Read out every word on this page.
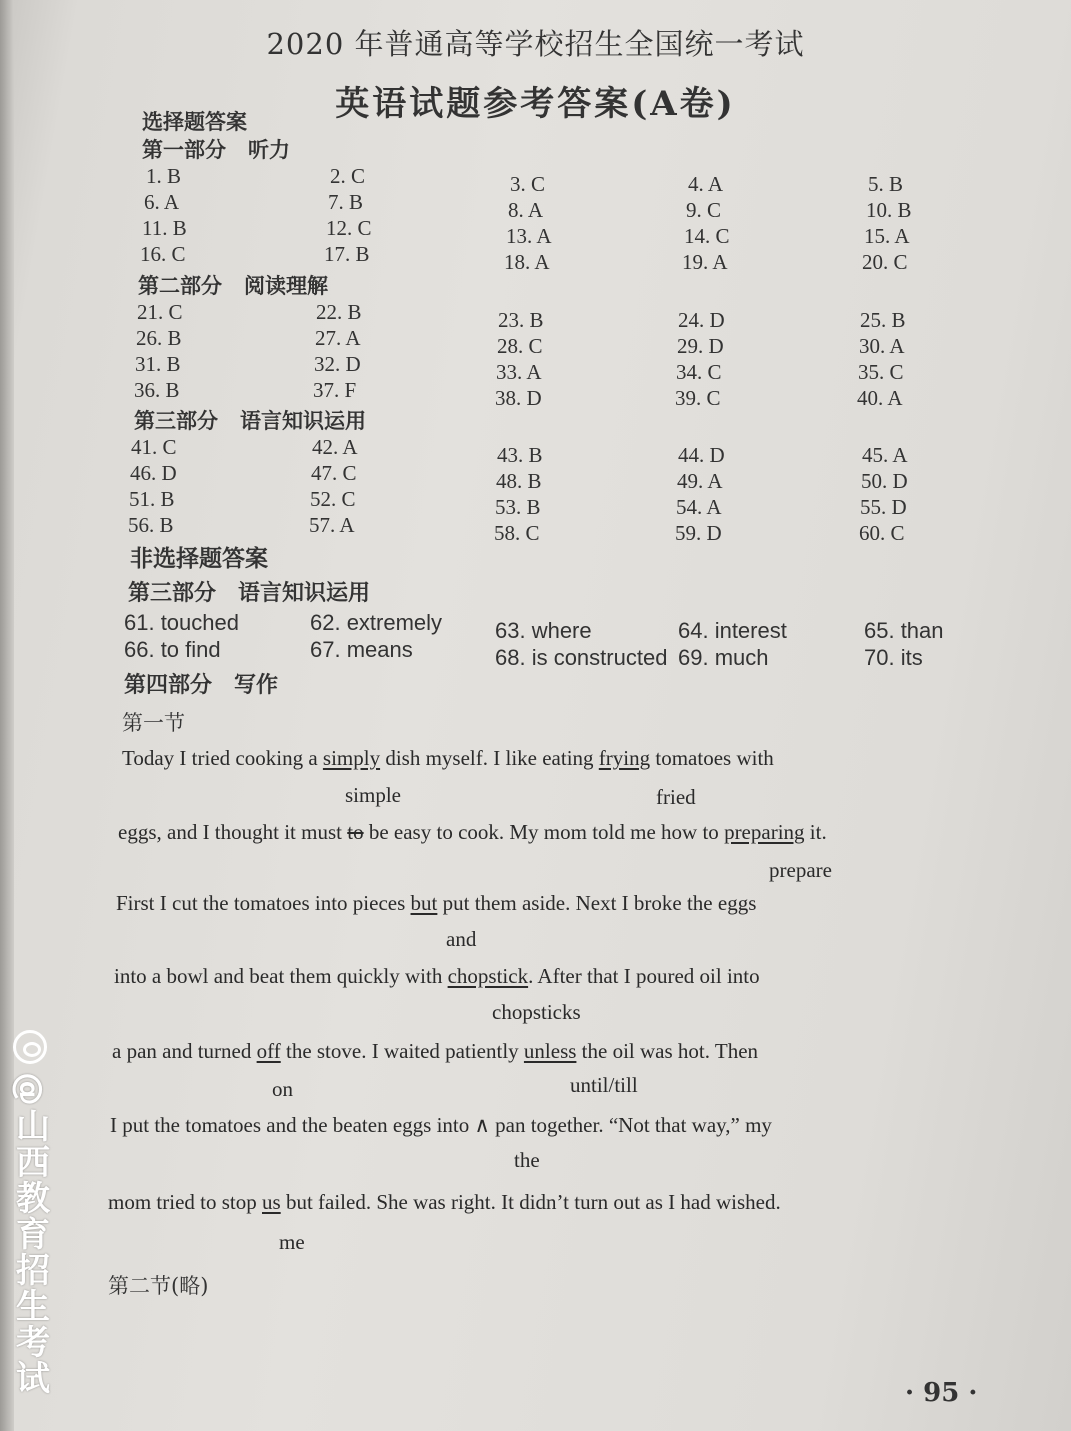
2020 年普通高等学校招生全国统一考试
英语试题参考答案(A卷)
选择题答案
第一部分 听力
1. B	2. C	3. C	4. A	5. B
6. A	7. B	8. A	9. C	10. B
11. B	12. C	13. A	14. C	15. A
16. C	17. B	18. A	19. A	20. C
第二部分 阅读理解
21. C	22. B	23. B	24. D	25. B
26. B	27. A	28. C	29. D	30. A
31. B	32. D	33. A	34. C	35. C
36. B	37. F	38. D	39. C	40. A
第三部分 语言知识运用
41. C	42. A	43. B	44. D	45. A
46. D	47. C	48. B	49. A	50. D
51. B	52. C	53. B	54. A	55. D
56. B	57. A	58. C	59. D	60. C
非选择题答案
第三部分 语言知识运用
61. touched	62. extremely 63. where	64. interest	65. than
66. to find	67. means	68. is constructed 69. much	70. its
第四部分 写作
第一节
Today I tried cooking a simply dish myself. I like eating frying tomatoes with
simple	fried
eggs, and I thought it must to be easy to cook. My mom told me how to preparing it.
prepare
First I cut the tomatoes into pieces but put them aside. Next I broke the eggs
and
into a bowl and beat them quickly with chopstick. After that I poured oil into
chopsticks
a pan and turned off the stove. I waited patiently unless the oil was hot. Then
on	until/till
I put the tomatoes and the beaten eggs into ∧ pan together. “Not that way,” my
the
mom tried to stop us but failed. She was right. It didn’t turn out as I had wished.
me
第二节(略)
· 95 ·
@山西教育招生考试
